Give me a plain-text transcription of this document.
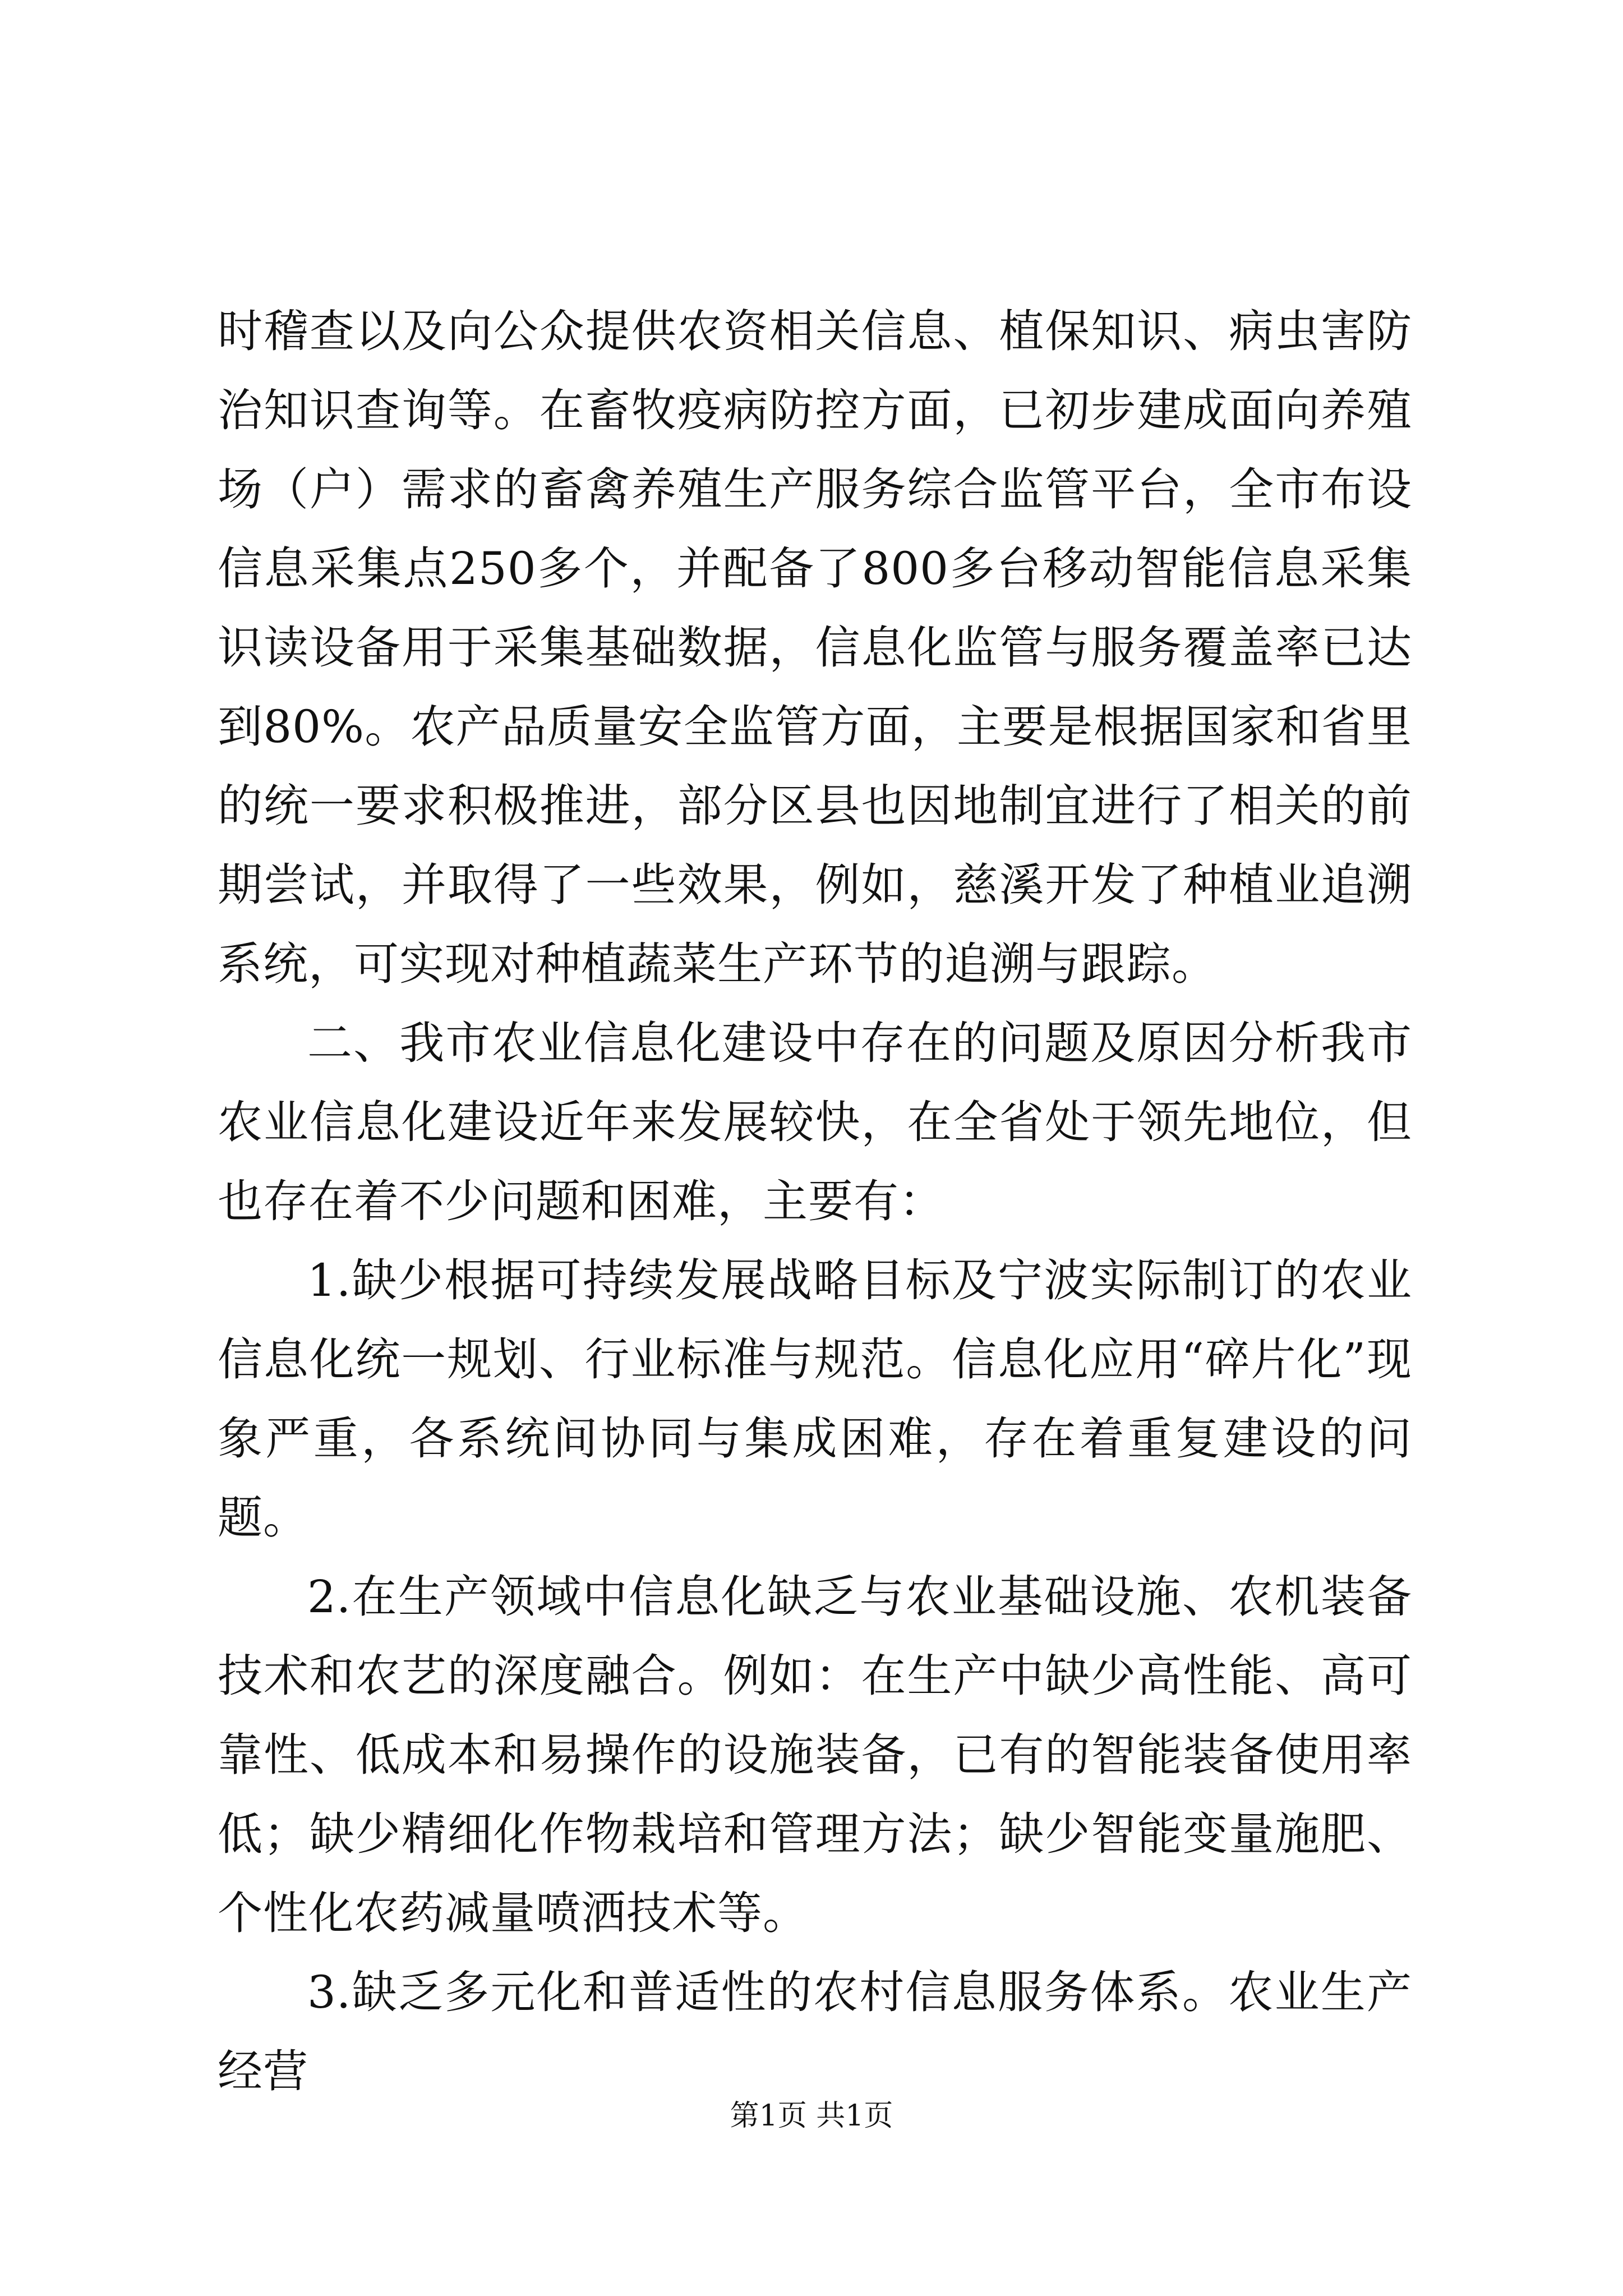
时稽查以及向公众提供农资相关信息、植保知识、病虫害防治知识查询等。在畜牧疫病防控方面，已初步建成面向养殖场（户）需求的畜禽养殖生产服务综合监管平台，全市布设信息采集点250多个，并配备了800多台移动智能信息采集识读设备用于采集基础数据，信息化监管与服务覆盖率已达到80%。农产品质量安全监管方面，主要是根据国家和省里的统一要求积极推进，部分区县也因地制宜进行了相关的前期尝试，并取得了一些效果，例如，慈溪开发了种植业追溯系统，可实现对种植蔬菜生产环节的追溯与跟踪。

二、我市农业信息化建设中存在的问题及原因分析我市农业信息化建设近年来发展较快，在全省处于领先地位，但也存在着不少问题和困难，主要有：

1.缺少根据可持续发展战略目标及宁波实际制订的农业信息化统一规划、行业标准与规范。信息化应用“碎片化”现象严重，各系统间协同与集成困难，存在着重复建设的问题。

2.在生产领域中信息化缺乏与农业基础设施、农机装备技术和农艺的深度融合。例如：在生产中缺少高性能、高可靠性、低成本和易操作的设施装备，已有的智能装备使用率低；缺少精细化作物栽培和管理方法；缺少智能变量施肥、个性化农药减量喷洒技术等。

3.缺乏多元化和普适性的农村信息服务体系。农业生产经营

第1页 共1页
